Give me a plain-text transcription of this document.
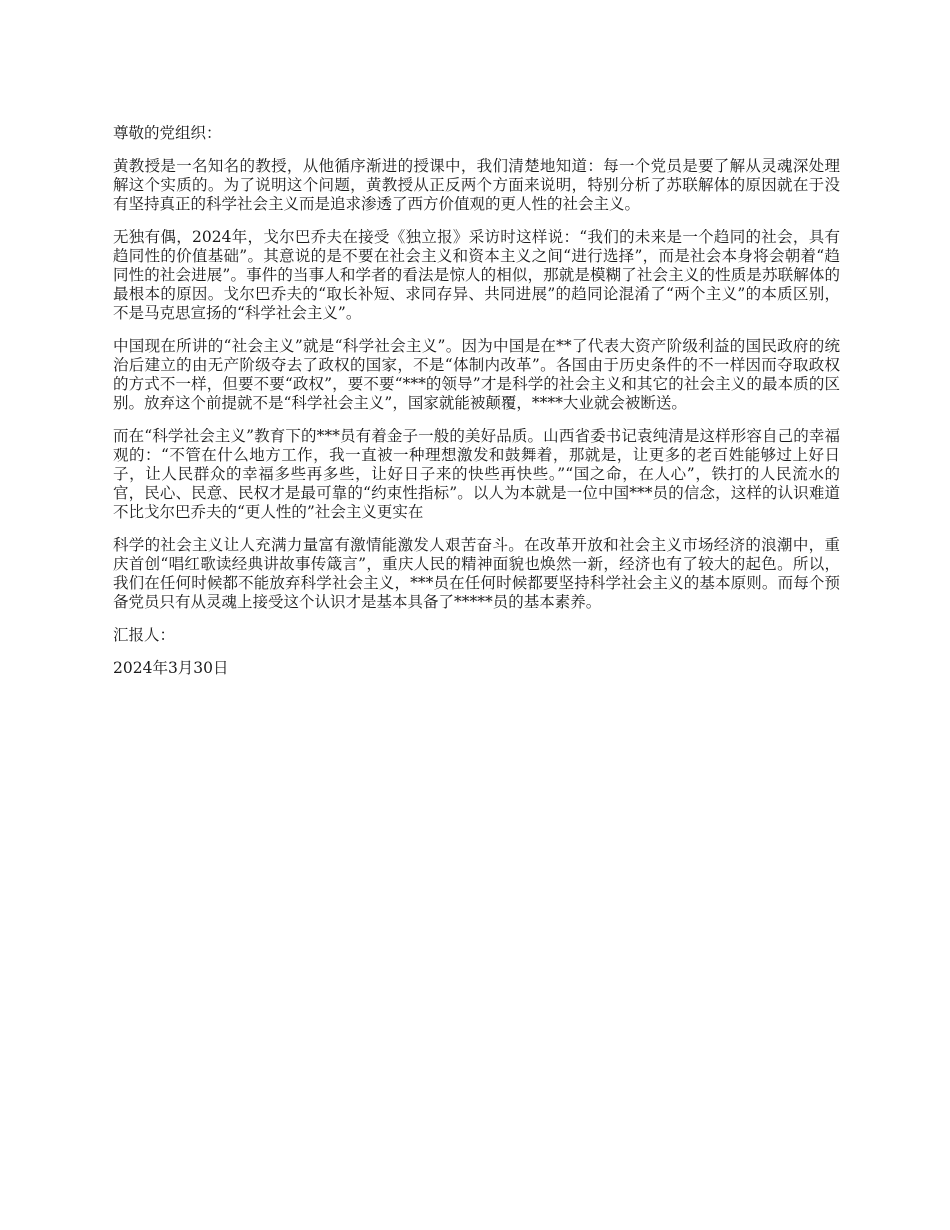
尊敬的党组织：

黄教授是一名知名的教授，从他循序渐进的授课中，我们清楚地知道：每一个党员是要了解从灵魂深处理解这个实质的。为了说明这个问题，黄教授从正反两个方面来说明，特别分析了苏联解体的原因就在于没有坚持真正的科学社会主义而是追求渗透了西方价值观的更人性的社会主义。

无独有偶，2024年，戈尔巴乔夫在接受《独立报》采访时这样说：“我们的未来是一个趋同的社会，具有趋同性的价值基础”。其意说的是不要在社会主义和资本主义之间“进行选择”，而是社会本身将会朝着“趋同性的社会进展”。事件的当事人和学者的看法是惊人的相似，那就是模糊了社会主义的性质是苏联解体的最根本的原因。戈尔巴乔夫的“取长补短、求同存异、共同进展”的趋同论混淆了“两个主义”的本质区别，不是马克思宣扬的“科学社会主义”。

中国现在所讲的“社会主义”就是“科学社会主义”。因为中国是在**了代表大资产阶级利益的国民政府的统治后建立的由无产阶级夺去了政权的国家，不是“体制内改革”。各国由于历史条件的不一样因而夺取政权的方式不一样，但要不要“政权”，要不要“***的领导”才是科学的社会主义和其它的社会主义的最本质的区别。放弃这个前提就不是“科学社会主义”，国家就能被颠覆，****大业就会被断送。

而在“科学社会主义”教育下的***员有着金子一般的美好品质。山西省委书记袁纯清是这样形容自己的幸福观的：“不管在什么地方工作，我一直被一种理想激发和鼓舞着，那就是，让更多的老百姓能够过上好日子，让人民群众的幸福多些再多些，让好日子来的快些再快些。”“国之命，在人心”，铁打的人民流水的官，民心、民意、民权才是最可靠的“约束性指标”。以人为本就是一位中国***员的信念，这样的认识难道不比戈尔巴乔夫的“更人性的”社会主义更实在

科学的社会主义让人充满力量富有激情能激发人艰苦奋斗。在改革开放和社会主义市场经济的浪潮中，重庆首创“唱红歌读经典讲故事传箴言”，重庆人民的精神面貌也焕然一新，经济也有了较大的起色。所以，我们在任何时候都不能放弃科学社会主义，***员在任何时候都要坚持科学社会主义的基本原则。而每个预备党员只有从灵魂上接受这个认识才是基本具备了*****员的基本素养。

汇报人：

2024年3月30日
